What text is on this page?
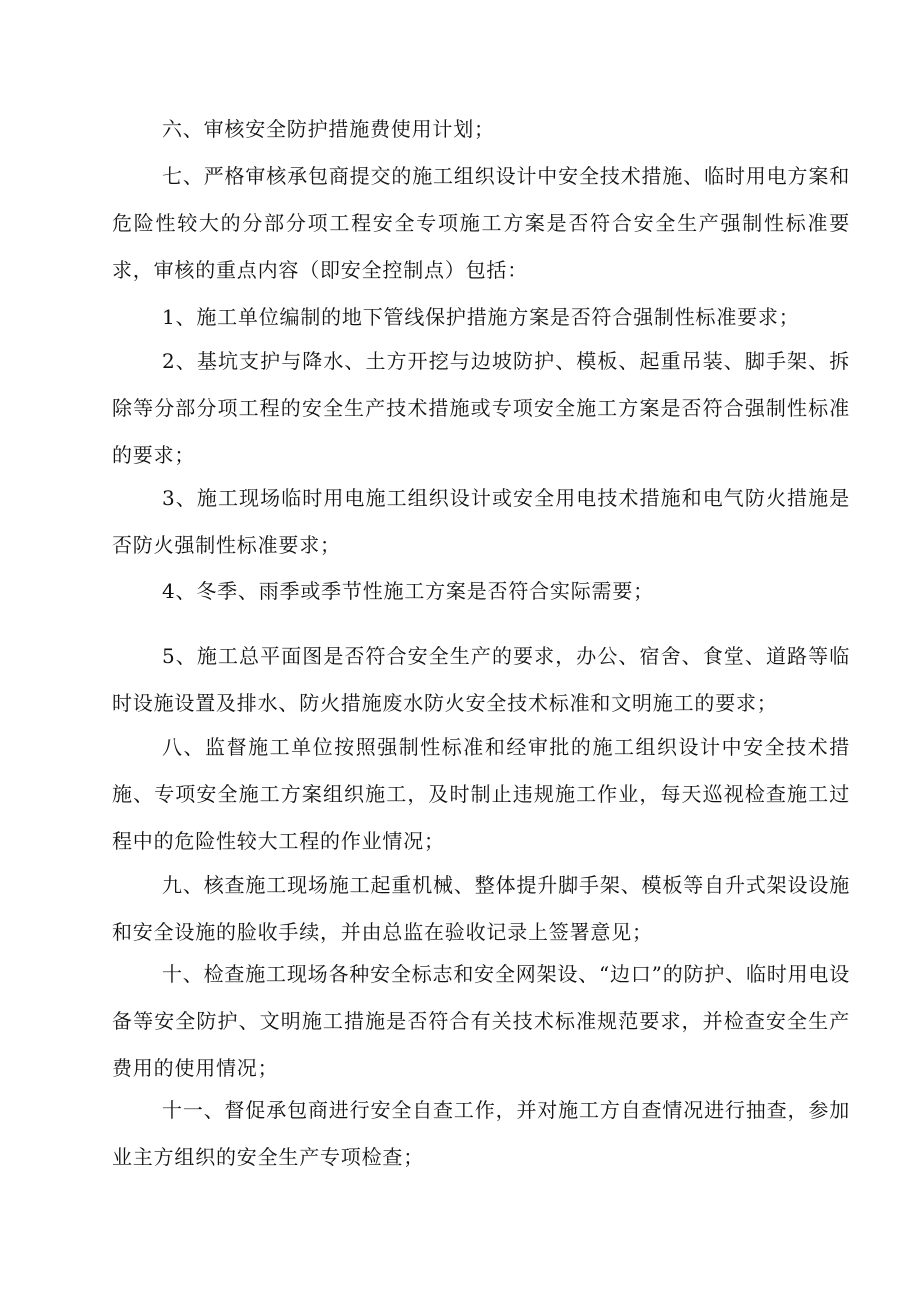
六、审核安全防护措施费使用计划；

七、严格审核承包商提交的施工组织设计中安全技术措施、临时用电方案和危险性较大的分部分项工程安全专项施工方案是否符合安全生产强制性标准要求，审核的重点内容（即安全控制点）包括：

1、施工单位编制的地下管线保护措施方案是否符合强制性标准要求；

2、基坑支护与降水、土方开挖与边坡防护、模板、起重吊装、脚手架、拆除等分部分项工程的安全生产技术措施或专项安全施工方案是否符合强制性标准的要求；

3、施工现场临时用电施工组织设计或安全用电技术措施和电气防火措施是否防火强制性标准要求；

4、冬季、雨季或季节性施工方案是否符合实际需要；

5、施工总平面图是否符合安全生产的要求，办公、宿舍、食堂、道路等临时设施设置及排水、防火措施废水防火安全技术标准和文明施工的要求；

八、监督施工单位按照强制性标准和经审批的施工组织设计中安全技术措施、专项安全施工方案组织施工，及时制止违规施工作业，每天巡视检查施工过程中的危险性较大工程的作业情况；

九、核查施工现场施工起重机械、整体提升脚手架、模板等自升式架设设施和安全设施的脸收手续，并由总监在验收记录上签署意见；

十、检查施工现场各种安全标志和安全网架设、“边口”的防护、临时用电设备等安全防护、文明施工措施是否符合有关技术标准规范要求，并检查安全生产费用的使用情况；

十一、督促承包商进行安全自查工作，并对施工方自查情况进行抽查，参加业主方组织的安全生产专项检查；
